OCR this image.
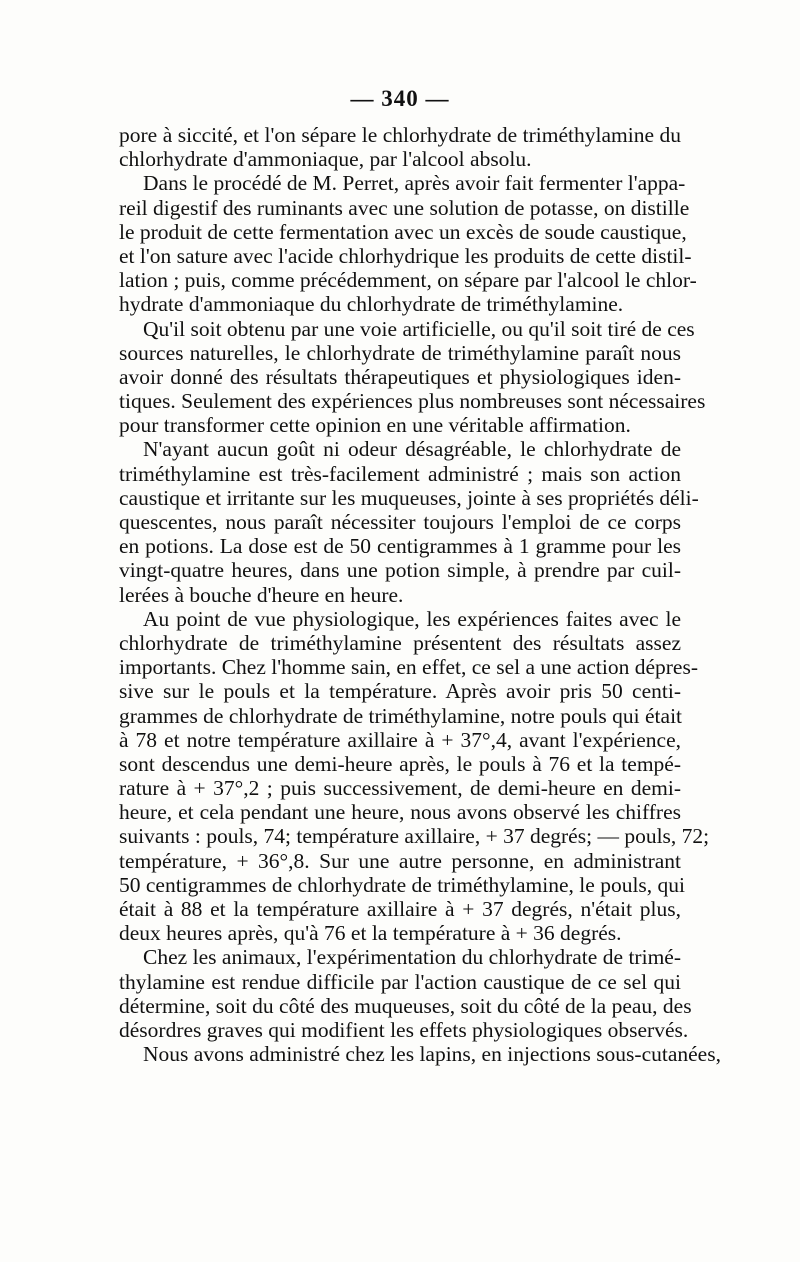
— 340 —
pore à siccité, et l'on sépare le chlorhydrate de triméthylamine du
chlorhydrate d'ammoniaque, par l'alcool absolu.
Dans le procédé de M. Perret, après avoir fait fermenter l'appa-
reil digestif des ruminants avec une solution de potasse, on distille
le produit de cette fermentation avec un excès de soude caustique,
et l'on sature avec l'acide chlorhydrique les produits de cette distil-
lation ; puis, comme précédemment, on sépare par l'alcool le chlor-
hydrate d'ammoniaque du chlorhydrate de triméthylamine.
Qu'il soit obtenu par une voie artificielle, ou qu'il soit tiré de ces
sources naturelles, le chlorhydrate de triméthylamine paraît nous
avoir donné des résultats thérapeutiques et physiologiques iden-
tiques. Seulement des expériences plus nombreuses sont nécessaires
pour transformer cette opinion en une véritable affirmation.
N'ayant aucun goût ni odeur désagréable, le chlorhydrate de
triméthylamine est très-facilement administré ; mais son action
caustique et irritante sur les muqueuses, jointe à ses propriétés déli-
quescentes, nous paraît nécessiter toujours l'emploi de ce corps
en potions. La dose est de 50 centigrammes à 1 gramme pour les
vingt-quatre heures, dans une potion simple, à prendre par cuil-
lerées à bouche d'heure en heure.
Au point de vue physiologique, les expériences faites avec le
chlorhydrate de triméthylamine présentent des résultats assez
importants. Chez l'homme sain, en effet, ce sel a une action dépres-
sive sur le pouls et la température. Après avoir pris 50 centi-
grammes de chlorhydrate de triméthylamine, notre pouls qui était
à 78 et notre température axillaire à + 37°,4, avant l'expérience,
sont descendus une demi-heure après, le pouls à 76 et la tempé-
rature à + 37°,2 ; puis successivement, de demi-heure en demi-
heure, et cela pendant une heure, nous avons observé les chiffres
suivants : pouls, 74; température axillaire, + 37 degrés; — pouls, 72;
température, + 36°,8. Sur une autre personne, en administrant
50 centigrammes de chlorhydrate de triméthylamine, le pouls, qui
était à 88 et la température axillaire à + 37 degrés, n'était plus,
deux heures après, qu'à 76 et la température à + 36 degrés.
Chez les animaux, l'expérimentation du chlorhydrate de trimé-
thylamine est rendue difficile par l'action caustique de ce sel qui
détermine, soit du côté des muqueuses, soit du côté de la peau, des
désordres graves qui modifient les effets physiologiques observés.
Nous avons administré chez les lapins, en injections sous-cutanées,
